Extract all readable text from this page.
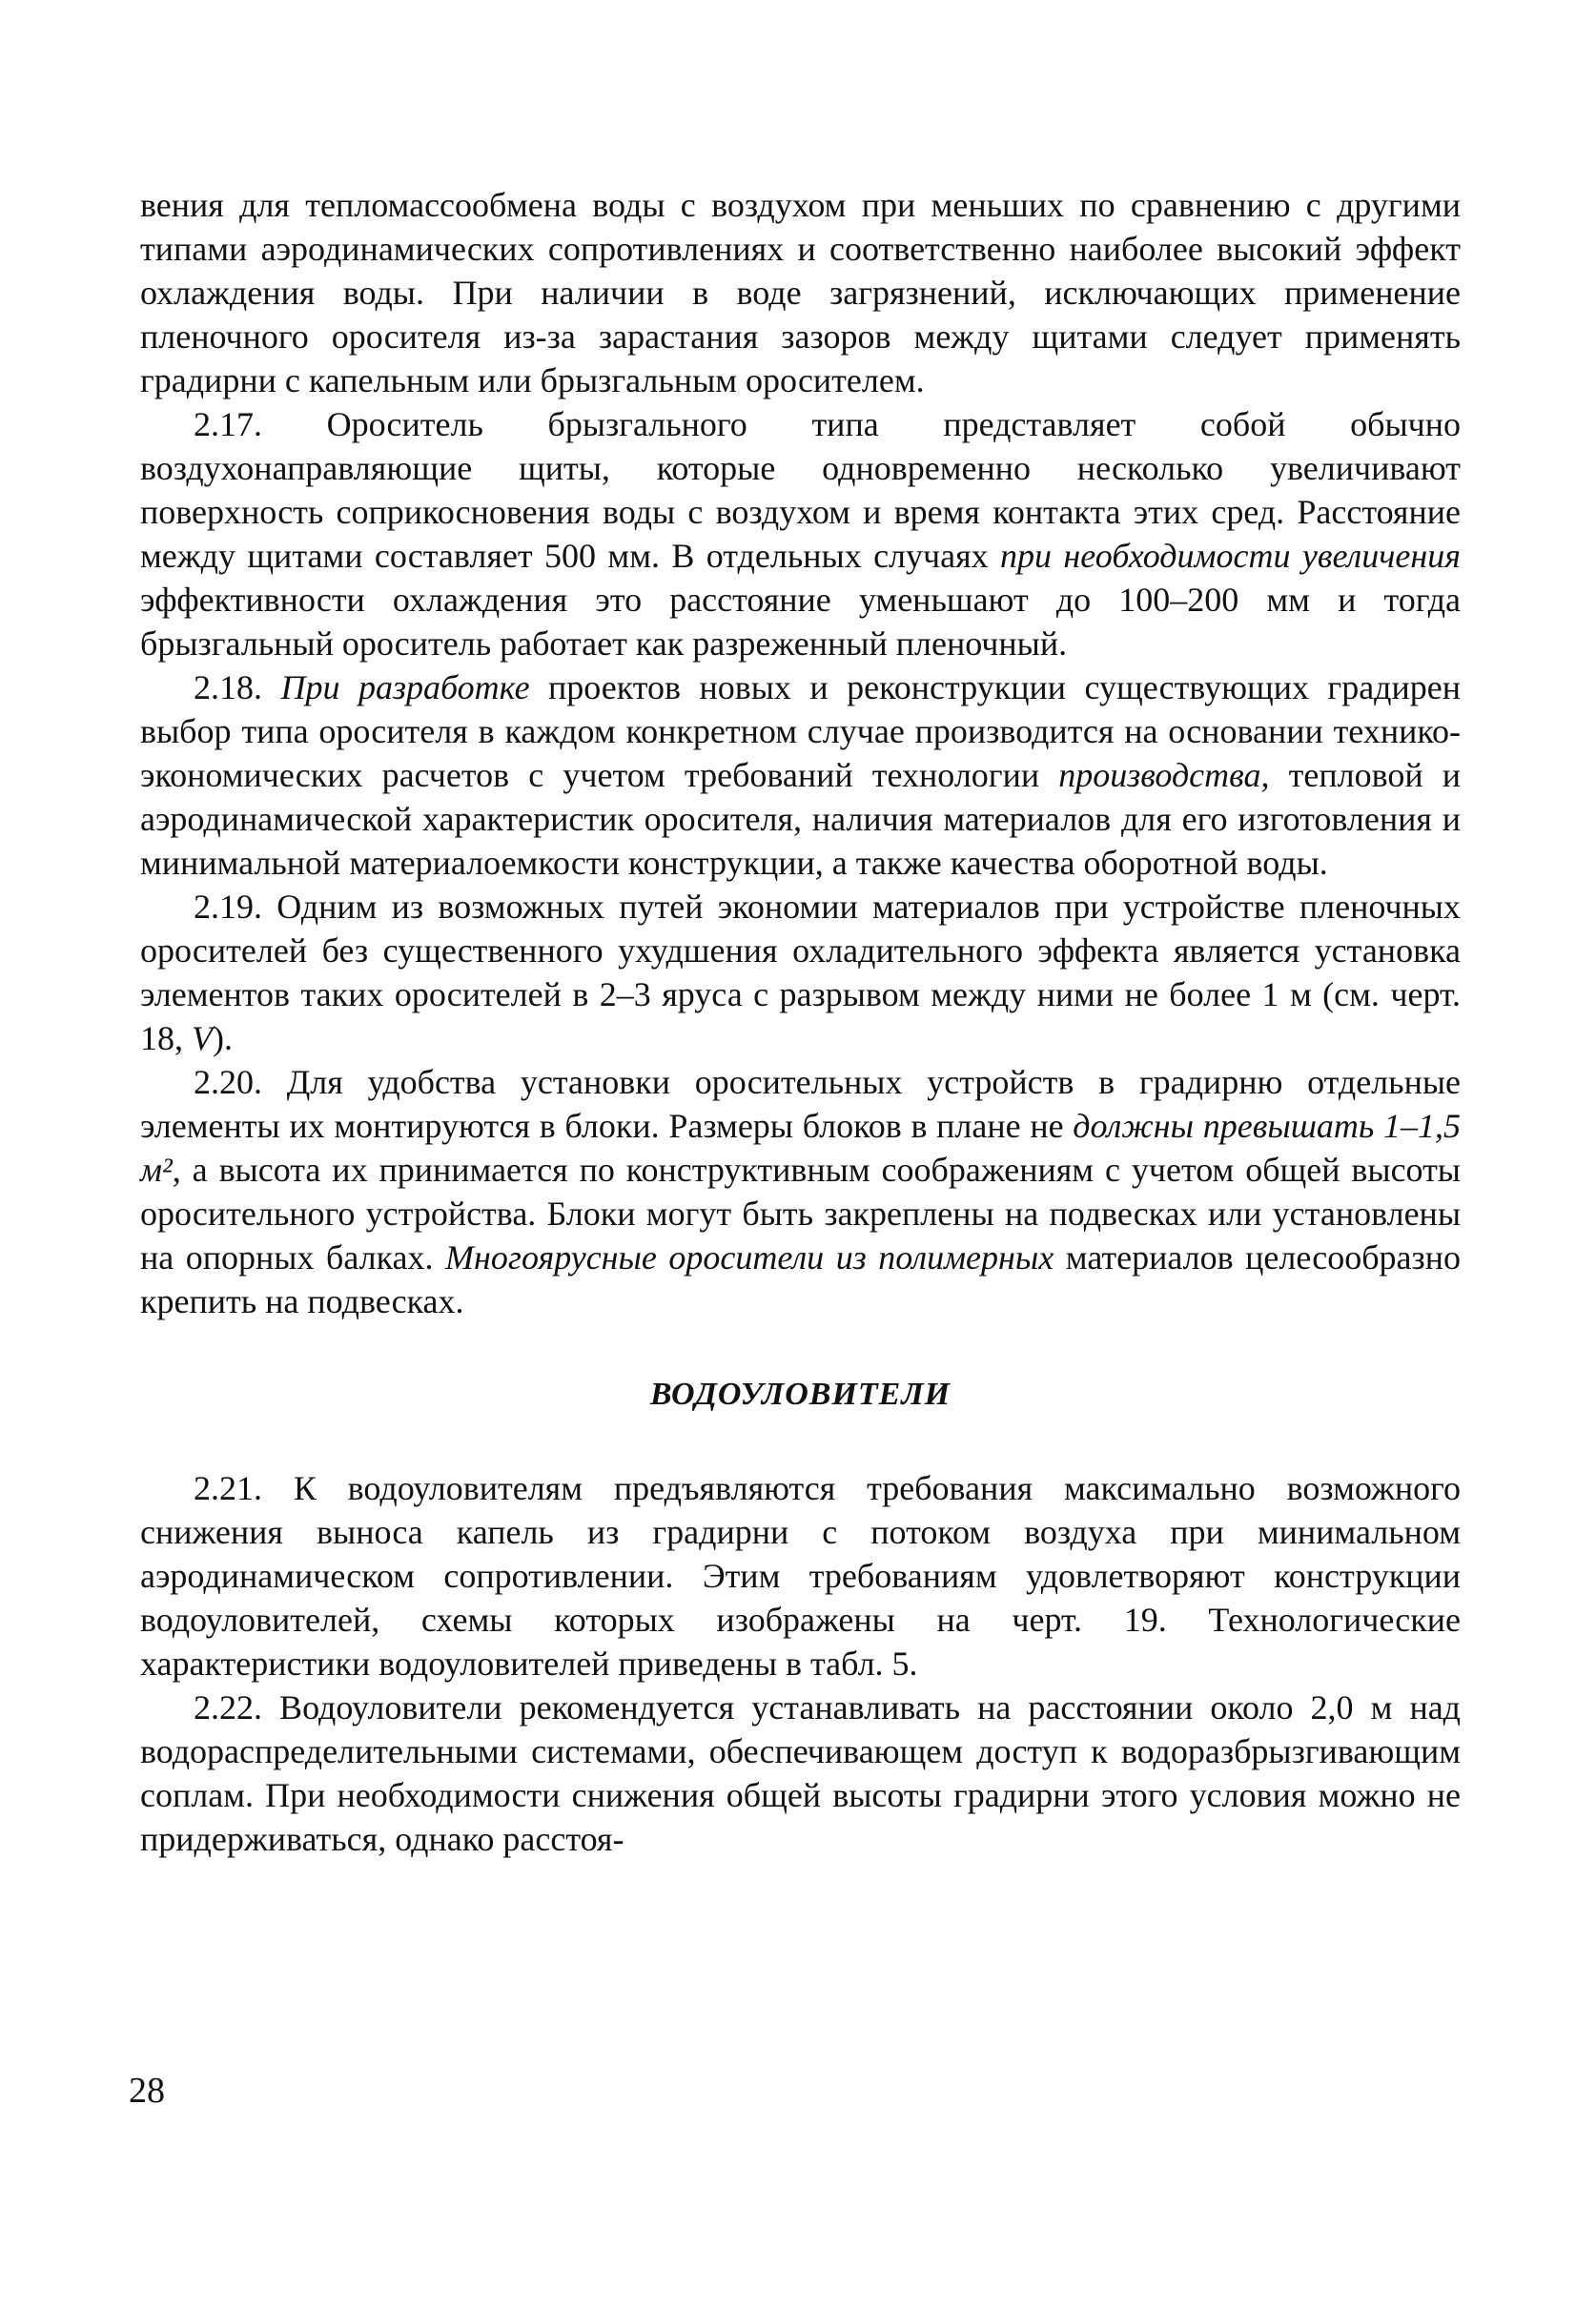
вения для тепломассообмена воды с воздухом при меньших по сравнению с другими типами аэродинамических сопротивлениях и соответственно наиболее высокий эффект охлаждения воды. При наличии в воде загрязнений, исключающих применение пленочного оросителя из-за зарастания зазоров между щитами следует применять градирни с капельным или брызгальным оросителем.

2.17. Ороситель брызгального типа представляет собой обычно воздухонаправляющие щиты, которые одновременно несколько увеличивают поверхность соприкосновения воды с воздухом и время контакта этих сред. Расстояние между щитами составляет 500 мм. В отдельных случаях при необходимости увеличения эффективности охлаждения это расстояние уменьшают до 100–200 мм и тогда брызгальный ороситель работает как разреженный пленочный.

2.18. При разработке проектов новых и реконструкции существующих градирен выбор типа оросителя в каждом конкретном случае производится на основании технико-экономических расчетов с учетом требований технологии производства, тепловой и аэродинамической характеристик оросителя, наличия материалов для его изготовления и минимальной материалоемкости конструкции, а также качества оборотной воды.

2.19. Одним из возможных путей экономии материалов при устройстве пленочных оросителей без существенного ухудшения охладительного эффекта является установка элементов таких оросителей в 2–3 яруса с разрывом между ними не более 1 м (см. черт. 18, V).

2.20. Для удобства установки оросительных устройств в градирню отдельные элементы их монтируются в блоки. Размеры блоков в плане не должны превышать 1–1,5 м², а высота их принимается по конструктивным соображениям с учетом общей высоты оросительного устройства. Блоки могут быть закреплены на подвесках или установлены на опорных балках. Многоярусные оросители из полимерных материалов целесообразно крепить на подвесках.

ВОДОУЛОВИТЕЛИ

2.21. К водоуловителям предъявляются требования максимально возможного снижения выноса капель из градирни с потоком воздуха при минимальном аэродинамическом сопротивлении. Этим требованиям удовлетворяют конструкции водоуловителей, схемы которых изображены на черт. 19. Технологические характеристики водоуловителей приведены в табл. 5.

2.22. Водоуловители рекомендуется устанавливать на расстоянии около 2,0 м над водораспределительными системами, обеспечивающем доступ к водоразбрызгивающим соплам. При необходимости снижения общей высоты градирни этого условия можно не придерживаться, однако расстоя-

28
